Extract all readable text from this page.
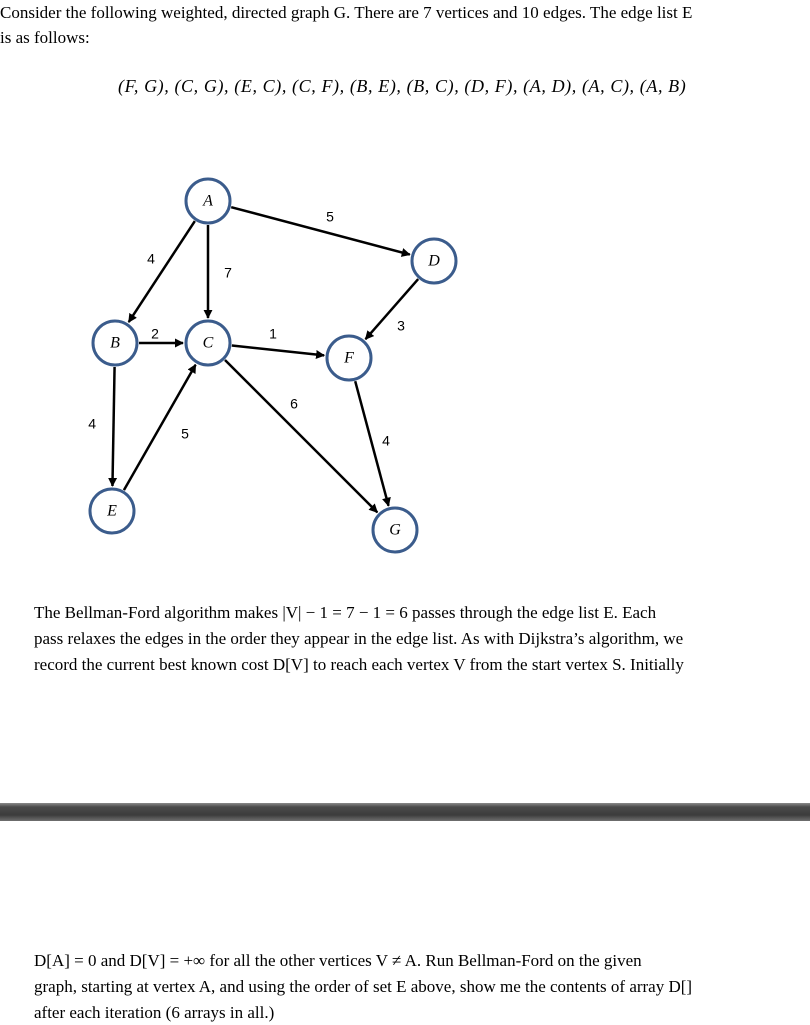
Consider the following weighted, directed graph G. There are 7 vertices and 10 edges. The edge list E
is as follows:
(F, G), (C, G), (E, C), (C, F), (B, E), (B, C), (D, F), (A, D), (A, C), (A, B)
5
4
7
3
2	1
4
5
6
4
A
B	C
D
E
F
G
The Bellman-Ford algorithm makes |V| − 1 = 7 − 1 = 6 passes through the edge list E. Each
pass relaxes the edges in the order they appear in the edge list. As with Dijkstra’s algorithm, we
record the current best known cost D[V] to reach each vertex V from the start vertex S. Initially
D[A] = 0 and D[V] = +∞ for all the other vertices V ≠ A. Run Bellman-Ford on the given
graph, starting at vertex A, and using the order of set E above, show me the contents of array D[]
after each iteration (6 arrays in all.)
